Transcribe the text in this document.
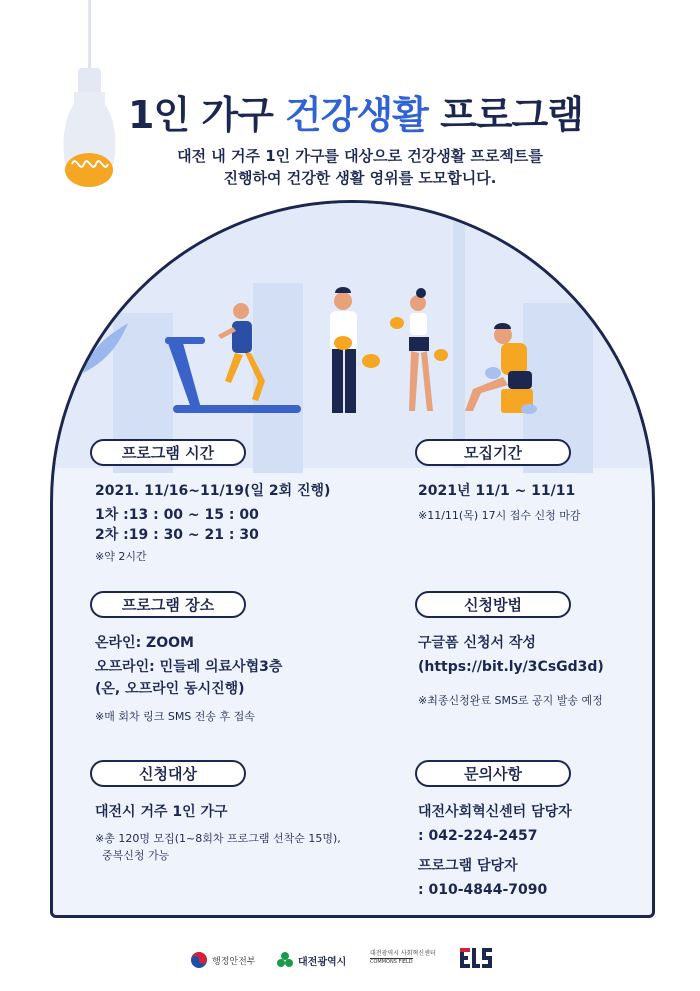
1인 가구 건강생활 프로그램
대전 내 거주 1인 가구를 대상으로 건강생활 프로젝트를
진행하여 건강한 생활 영위를 도모합니다.
프로그램 시간
2021. 11/16~11/19(일 2회 진행)
1차 :13 : 00 ~ 15 : 00
2차 :19 : 30 ~ 21 : 30
※약 2시간
프로그램 장소
온라인: ZOOM
오프라인: 민들레 의료사협3층
(온, 오프라인 동시진행)
※매 회차 링크 SMS 전송 후 접속
신청대상
대전시 거주 1인 가구
※총 120명 모집(1~8회차 프로그램 선착순 15명),
중복신청 가능
모집기간
2021년 11/1 ~ 11/11
※11/11(목) 17시 접수 신청 마감
신청방법
구글폼 신청서 작성
(https://bit.ly/3CsGd3d)
※최종신청완료 SMS로 공지 발송 예정
문의사항
대전사회혁신센터 담당자
: 042-224-2457
프로그램 담당자
: 010-4844-7090
행정안전부	대전광역시
대전광역시 사회혁신센터
COMMONS FIELD
